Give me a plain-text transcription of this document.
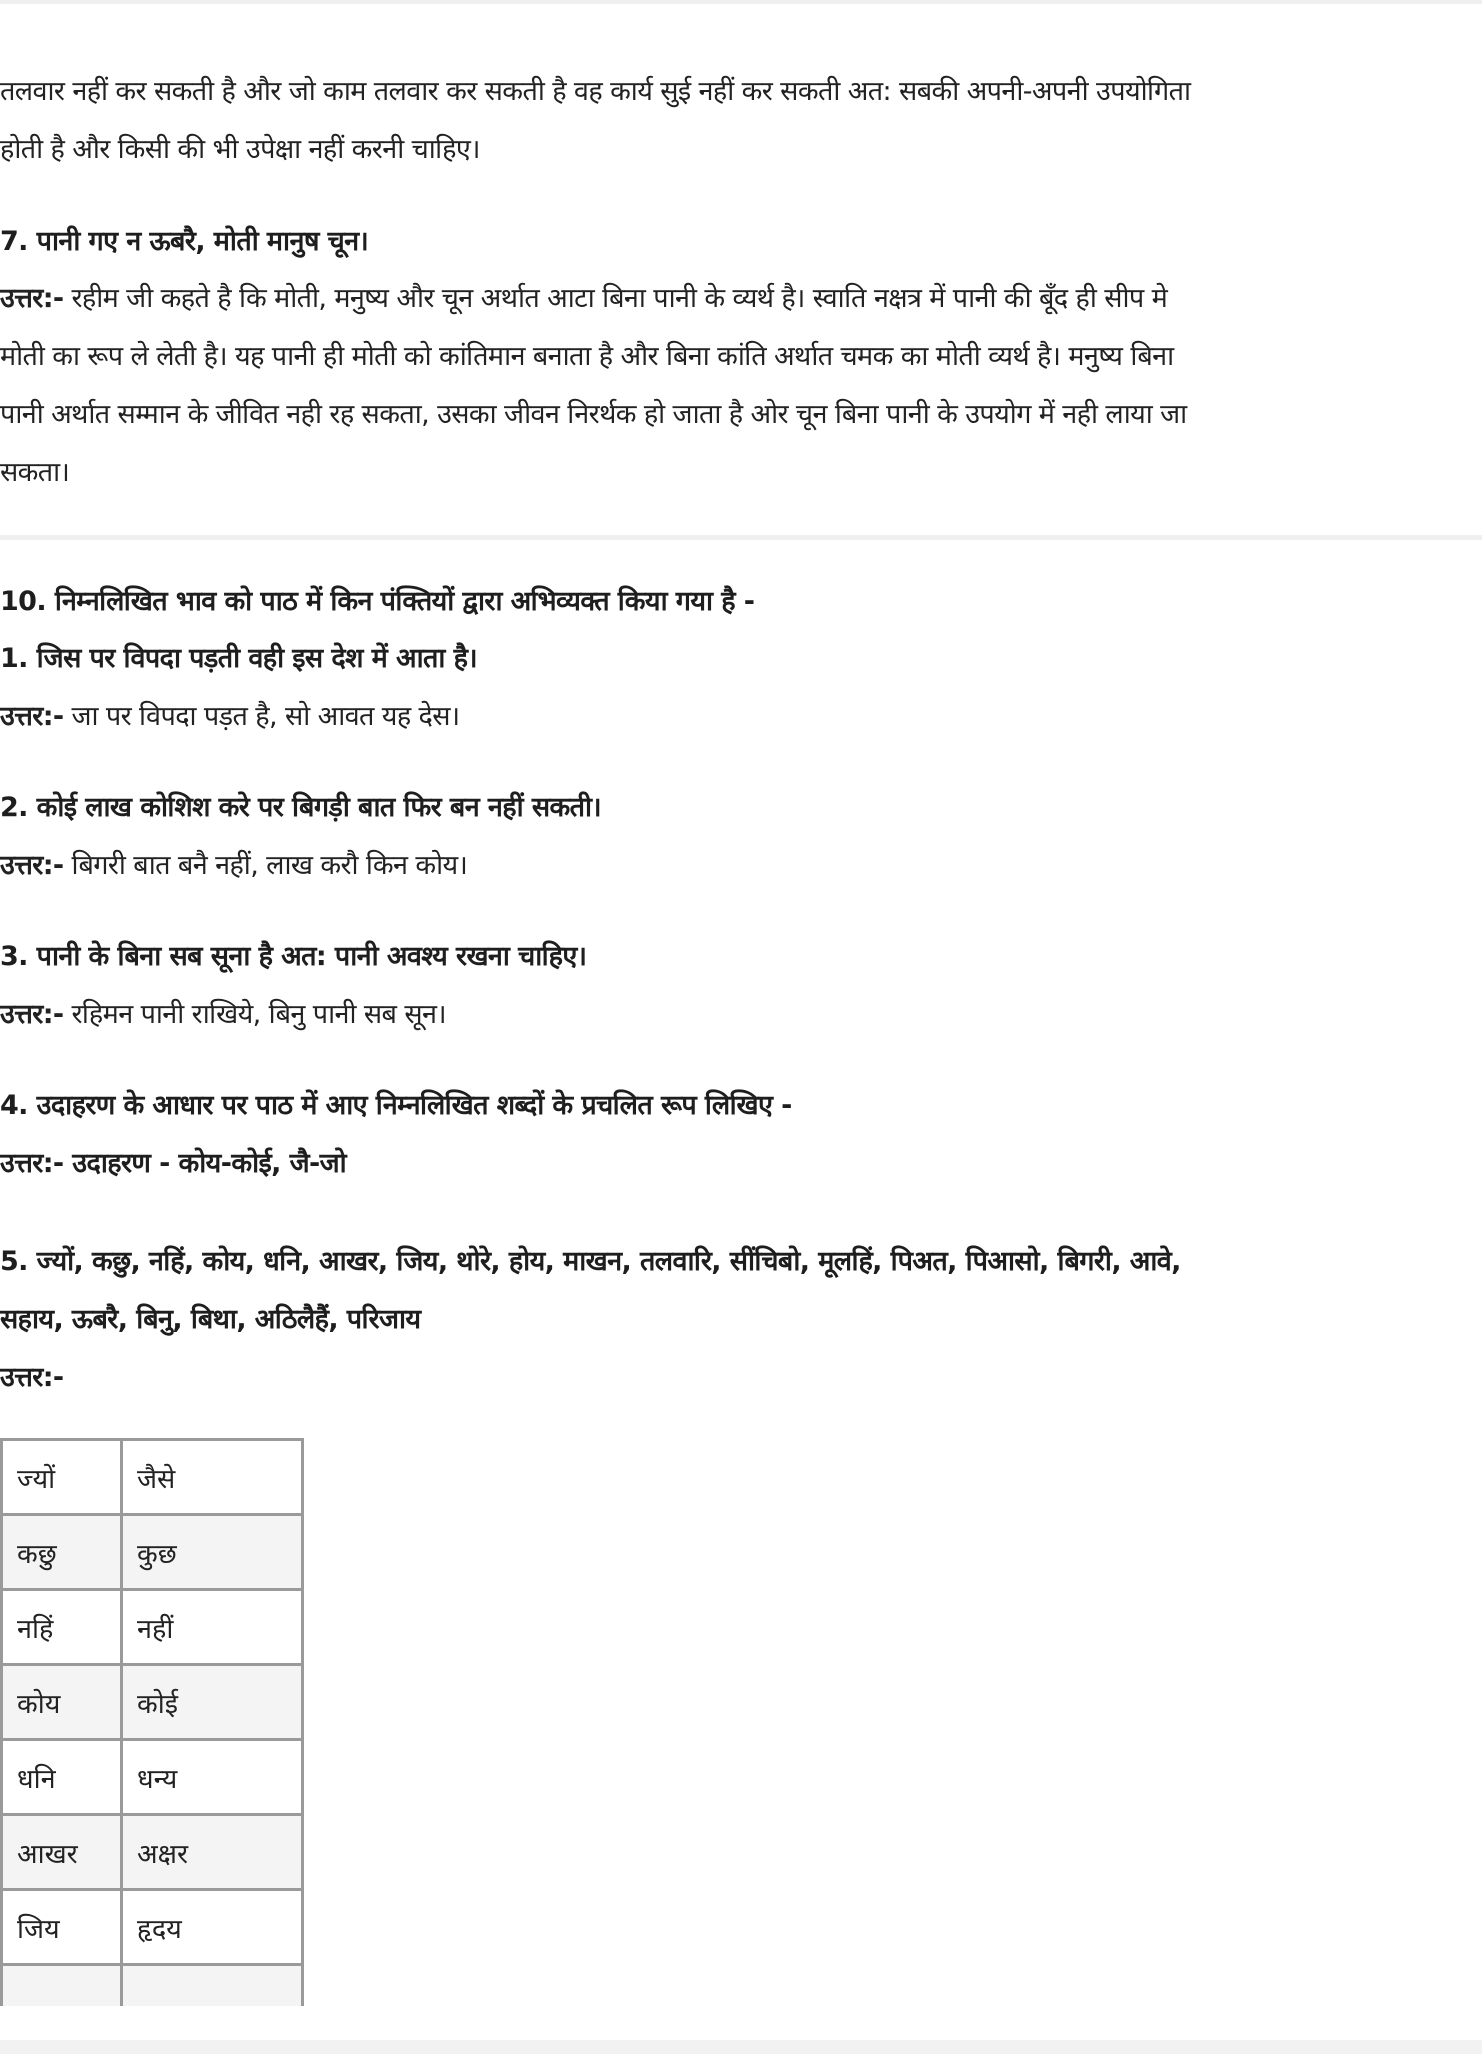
तलवार नहीं कर सकती है और जो काम तलवार कर सकती है वह कार्य सुई नहीं कर सकती अत: सबकी अपनी-अपनी उपयोगिता
होती है और किसी की भी उपेक्षा नहीं करनी चाहिए।
7. पानी गए न ऊबरै, मोती मानुष चून।
उत्तर:- रहीम जी कहते है कि मोती, मनुष्य और चून अर्थात आटा बिना पानी के व्यर्थ है। स्वाति नक्षत्र में पानी की बूँद ही सीप मे
मोती का रूप ले लेती है। यह पानी ही मोती को कांतिमान बनाता है और बिना कांति अर्थात चमक का मोती व्यर्थ है। मनुष्य बिना
पानी अर्थात सम्मान के जीवित नही रह सकता, उसका जीवन निरर्थक हो जाता है ओर चून बिना पानी के उपयोग में नही लाया जा
सकता।
10. निम्नलिखित भाव को पाठ में किन पंक्तियों द्वारा अभिव्यक्त किया गया है -
1. जिस पर विपदा पड़ती वही इस देश में आता है।
उत्तर:- जा पर विपदा पड़त है, सो आवत यह देस।
2. कोई लाख कोशिश करे पर बिगड़ी बात फिर बन नहीं सकती।
उत्तर:- बिगरी बात बनै नहीं, लाख करौ किन कोय।
3. पानी के बिना सब सूना है अत: पानी अवश्य रखना चाहिए।
उत्तर:- रहिमन पानी राखिये, बिनु पानी सब सून।
4. उदाहरण के आधार पर पाठ में आए निम्नलिखित शब्दों के प्रचलित रूप लिखिए -
उत्तर:- उदाहरण - कोय-कोई, जै-जो
5. ज्यों, कछु, नहिं, कोय, धनि, आखर, जिय, थोरे, होय, माखन, तलवारि, सींचिबो, मूलहिं, पिअत, पिआसो, बिगरी, आवे,
सहाय, ऊबरै, बिनु, बिथा, अठिलैहैं, परिजाय
उत्तर:-
ज्यों	जैसे
कछु	कुछ
नहिं	नहीं
कोय	कोई
धनि	धन्य
आखर	अक्षर
जिय	हृदय
